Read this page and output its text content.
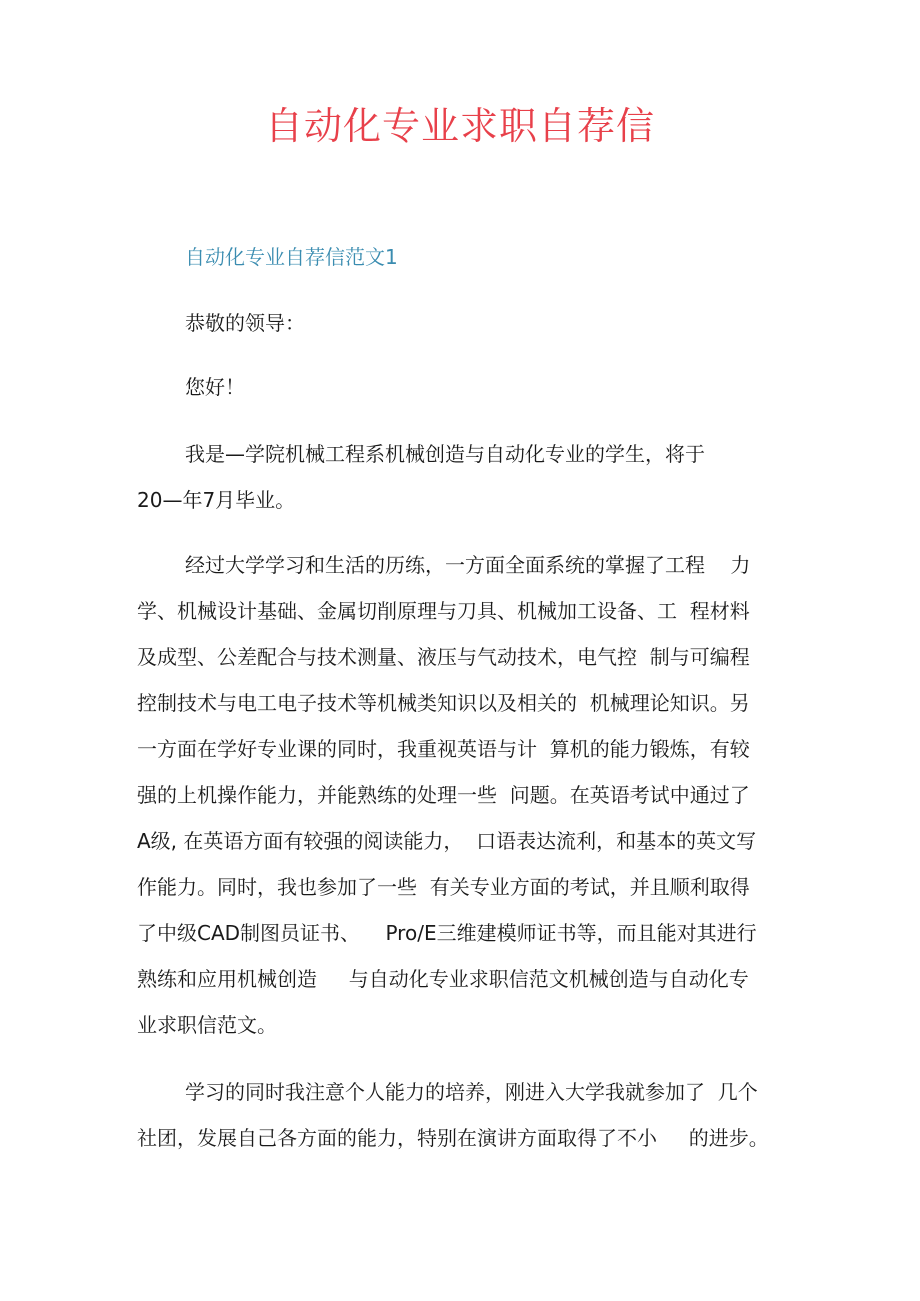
自动化专业求职自荐信
自动化专业自荐信范文1
恭敬的领导：
您好！
我是—学院机械工程系机械创造与自动化专业的学生，将于
20—年7月毕业。
经过大学学习和生活的历练，一方面全面系统的掌握了工程    力
学、机械设计基础、金属切削原理与刀具、机械加工设备、工  程材料
及成型、公差配合与技术测量、液压与气动技术，电气控  制与可编程
控制技术与电工电子技术等机械类知识以及相关的  机械理论知识。另
一方面在学好专业课的同时，我重视英语与计  算机的能力锻炼，有较
强的上机操作能力，并能熟练的处理一些  问题。在英语考试中通过了
A级, 在英语方面有较强的阅读能力，  口语表达流利，和基本的英文写
作能力。同时，我也参加了一些  有关专业方面的考试，并且顺利取得
了中级CAD制图员证书、    Pro/E三维建模师证书等，而且能对其进行
熟练和应用机械创造     与自动化专业求职信范文机械创造与自动化专
业求职信范文。
学习的同时我注意个人能力的培养，刚进入大学我就参加了  几个
社团，发展自己各方面的能力，特别在演讲方面取得了不小     的进步。
